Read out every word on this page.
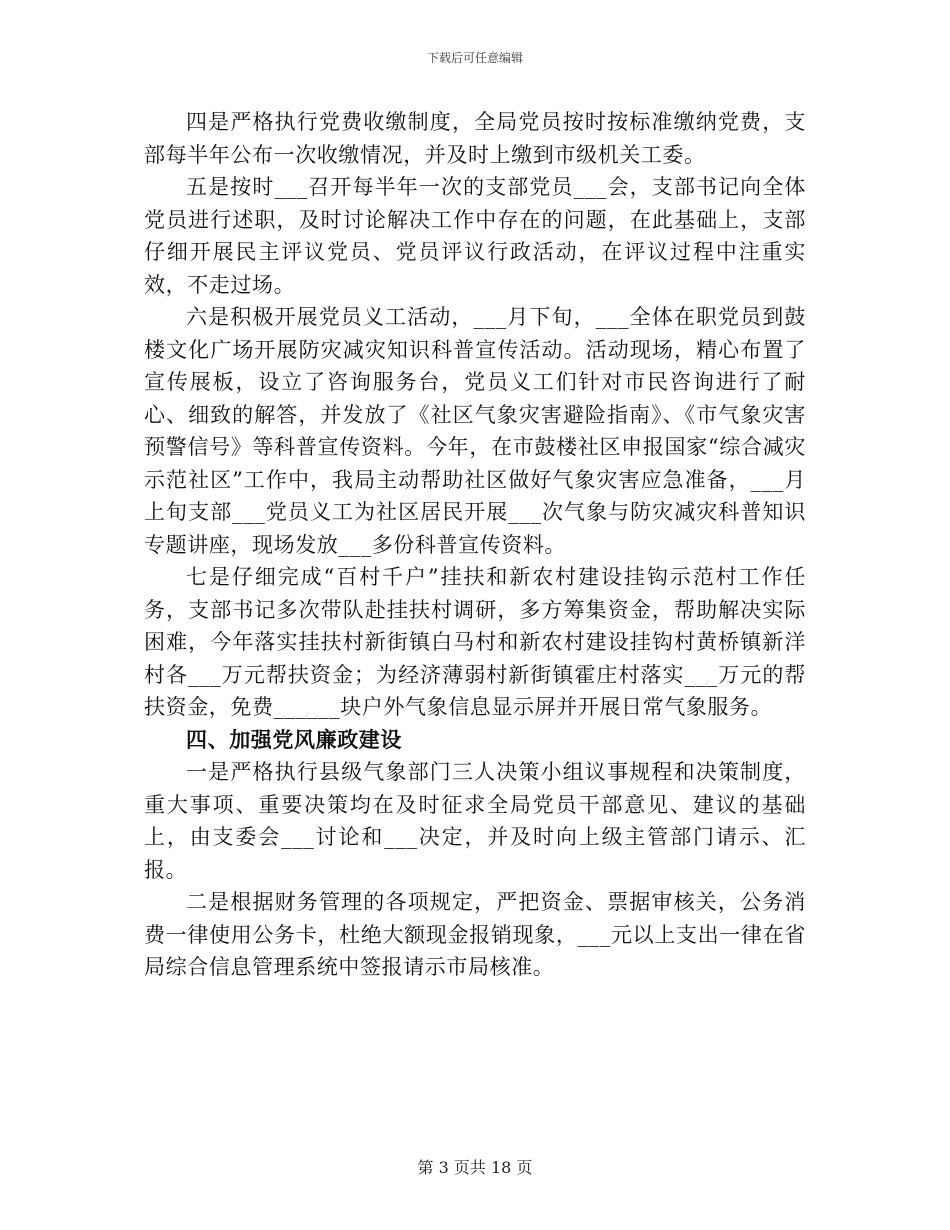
下载后可任意编辑

四是严格执行党费收缴制度，全局党员按时按标准缴纳党费，支部每半年公布一次收缴情况，并及时上缴到市级机关工委。

五是按时___召开每半年一次的支部党员___会，支部书记向全体党员进行述职，及时讨论解决工作中存在的问题，在此基础上，支部仔细开展民主评议党员、党员评议行政活动，在评议过程中注重实效，不走过场。

六是积极开展党员义工活动，___月下旬，___全体在职党员到鼓楼文化广场开展防灾减灾知识科普宣传活动。活动现场，精心布置了宣传展板，设立了咨询服务台，党员义工们针对市民咨询进行了耐心、细致的解答，并发放了《社区气象灾害避险指南》、《市气象灾害预警信号》等科普宣传资料。今年，在市鼓楼社区申报国家“综合减灾示范社区”工作中，我局主动帮助社区做好气象灾害应急准备，___月上旬支部___党员义工为社区居民开展___次气象与防灾减灾科普知识专题讲座，现场发放___多份科普宣传资料。

七是仔细完成“百村千户”挂扶和新农村建设挂钩示范村工作任务，支部书记多次带队赴挂扶村调研，多方筹集资金，帮助解决实际困难，今年落实挂扶村新街镇白马村和新农村建设挂钩村黄桥镇新洋村各___万元帮扶资金；为经济薄弱村新街镇霍庄村落实___万元的帮扶资金，免费______块户外气象信息显示屏并开展日常气象服务。

四、加强党风廉政建设

一是严格执行县级气象部门三人决策小组议事规程和决策制度，重大事项、重要决策均在及时征求全局党员干部意见、建议的基础上，由支委会___讨论和___决定，并及时向上级主管部门请示、汇报。

二是根据财务管理的各项规定，严把资金、票据审核关，公务消费一律使用公务卡，杜绝大额现金报销现象，___元以上支出一律在省局综合信息管理系统中签报请示市局核准。

第 3 页共 18 页
